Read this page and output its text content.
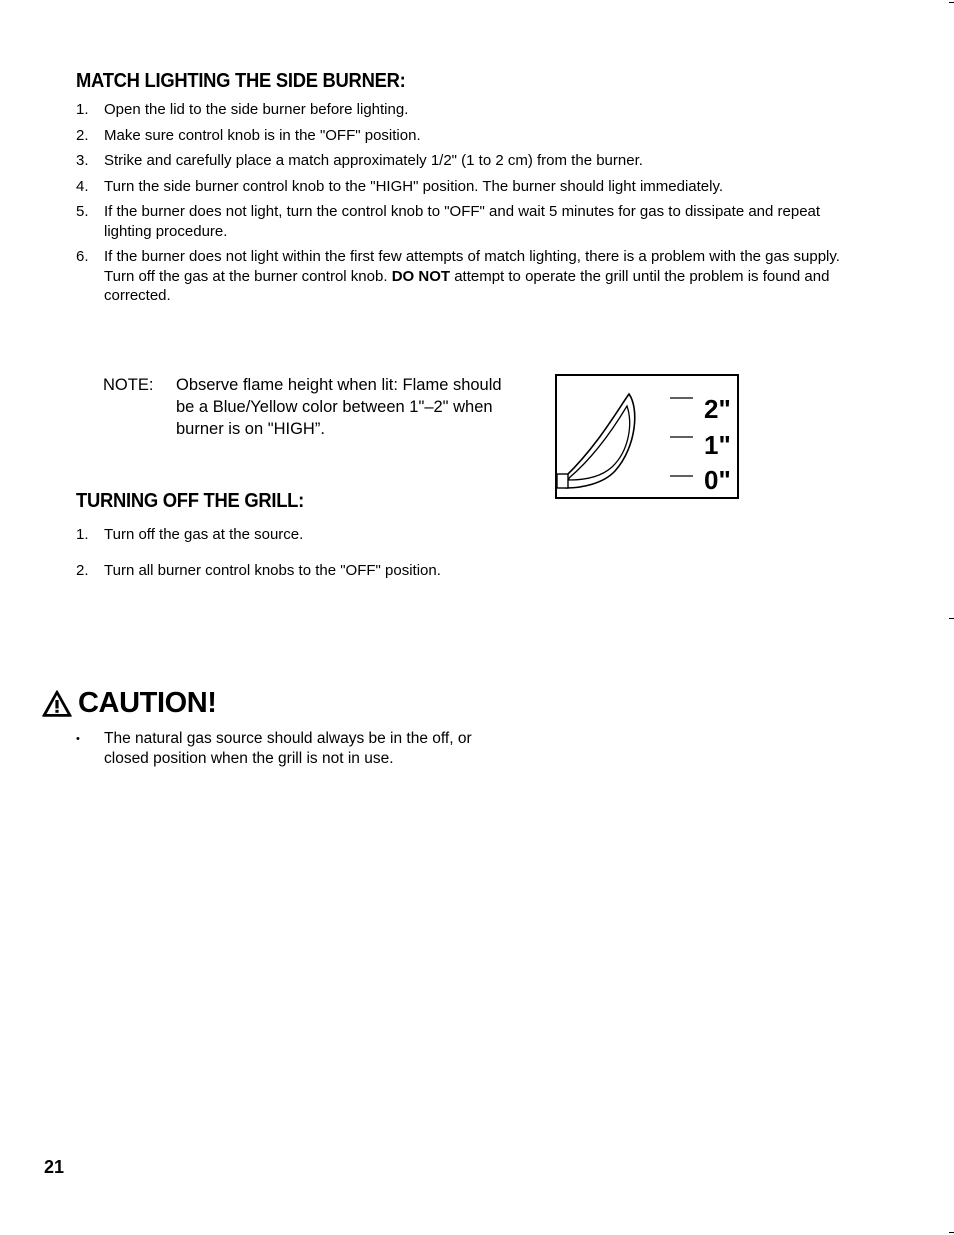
MATCH LIGHTING THE SIDE BURNER:
1. Open the lid to the side burner before lighting.
2. Make sure control knob is in the "OFF" position.
3. Strike and carefully place a match approximately 1/2" (1 to 2 cm) from the burner.
4. Turn the side burner control knob to the "HIGH" position. The burner should light immediately.
5. If the burner does not light, turn the control knob to "OFF" and wait 5 minutes for gas to dissipate and repeat lighting procedure.
6. If the burner does not light within the first few attempts of match lighting, there is a problem with the gas supply. Turn off the gas at the burner control knob. DO NOT attempt to operate the grill until the problem is found and corrected.
NOTE: Observe flame height when lit: Flame should be a Blue/Yellow color between 1"–2" when burner is on "HIGH”.
2"
1"
0"
TURNING OFF THE GRILL:
1. Turn off the gas at the source.
2. Turn all burner control knobs to the "OFF" position.
CAUTION!
• The natural gas source should always be in the off, or closed position when the grill is not in use.
21
